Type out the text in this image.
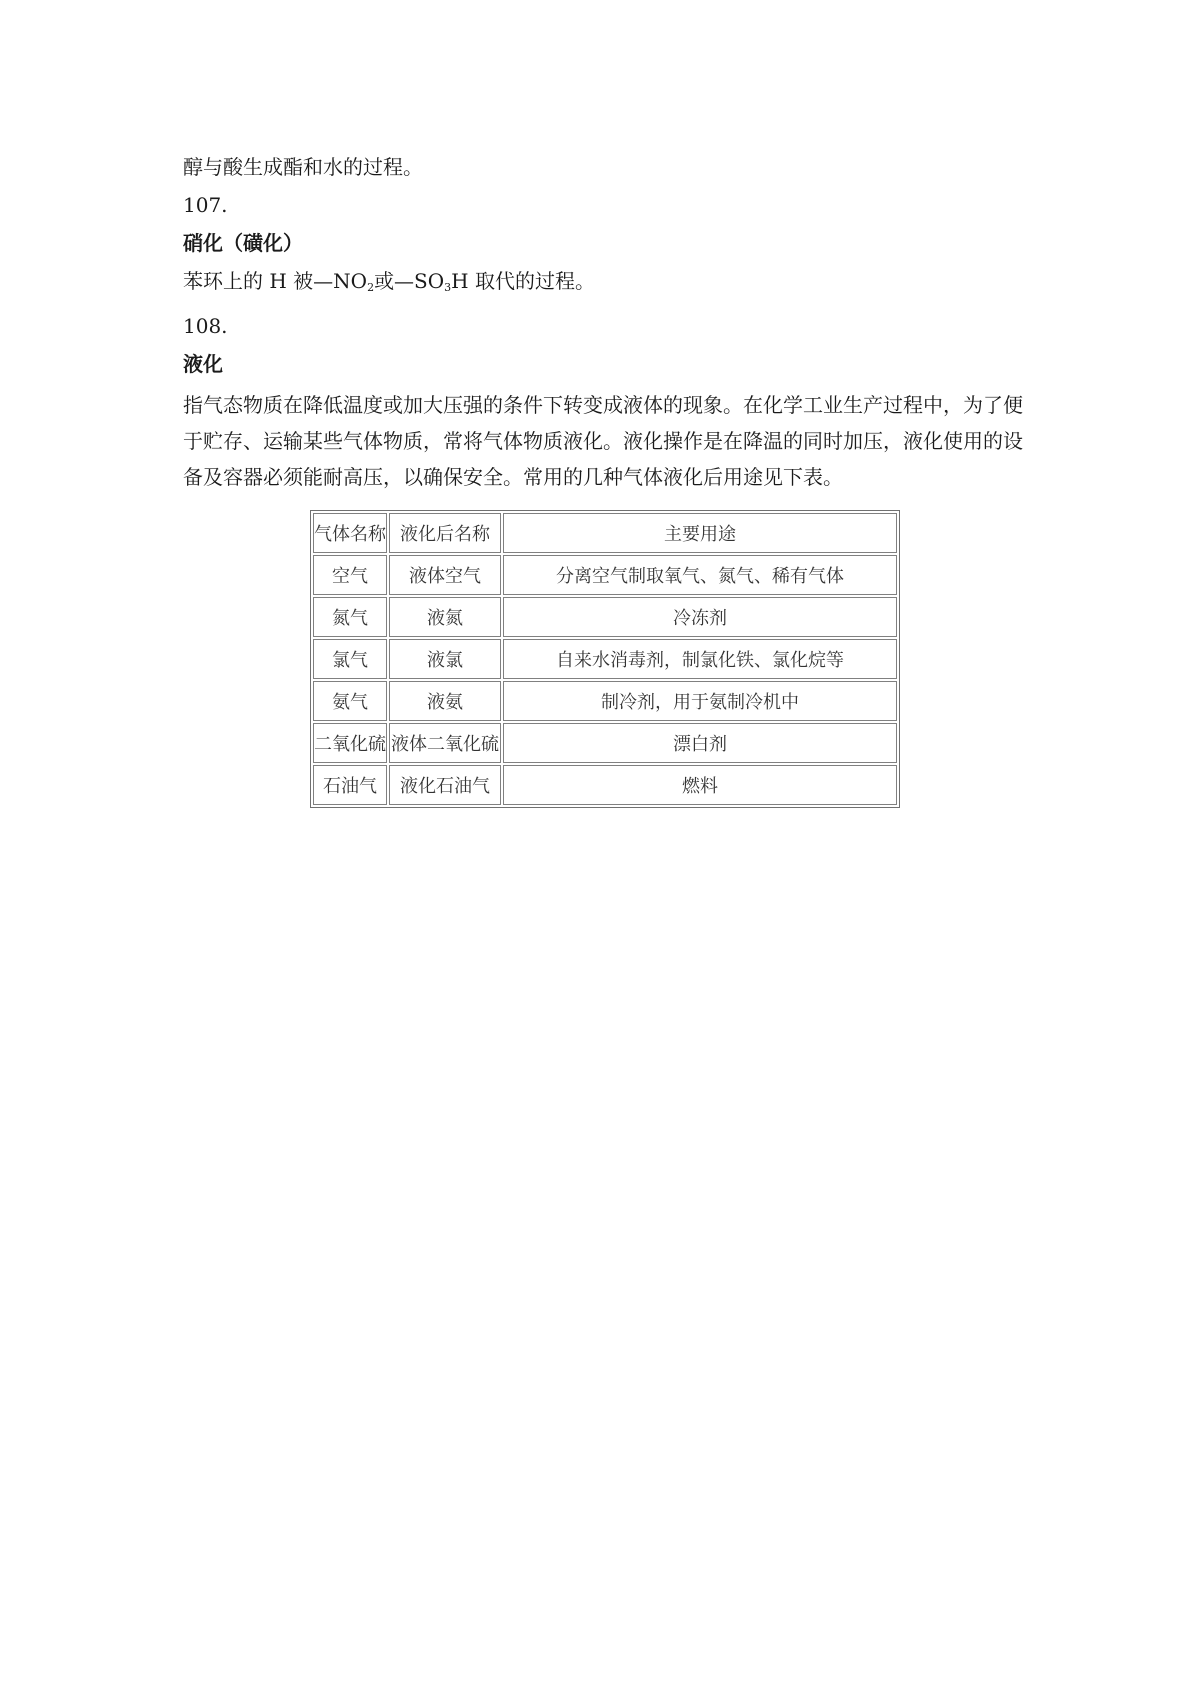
醇与酸生成酯和水的过程。

107.

硝化（磺化）

苯环上的 H 被$—NO_2$或$—SO_3H$ 取代的过程。

108.

液化

指气态物质在降低温度或加大压强的条件下转变成液体的现象。在化学工业生产过程中，为了便于贮存、运输某些气体物质，常将气体物质液化。液化操作是在降温的同时加压，液化使用的设备及容器必须能耐高压，以确保安全。常用的几种气体液化后用途见下表。

气体名称	液化后名称	主要用途
空气	液体空气	分离空气制取氧气、氮气、稀有气体
氮气	液氮	冷冻剂
氯气	液氯	自来水消毒剂，制氯化铁、氯化烷等
氨气	液氨	制冷剂，用于氨制冷机中
二氧化硫	液体二氧化硫	漂白剂
石油气	液化石油气	燃料
